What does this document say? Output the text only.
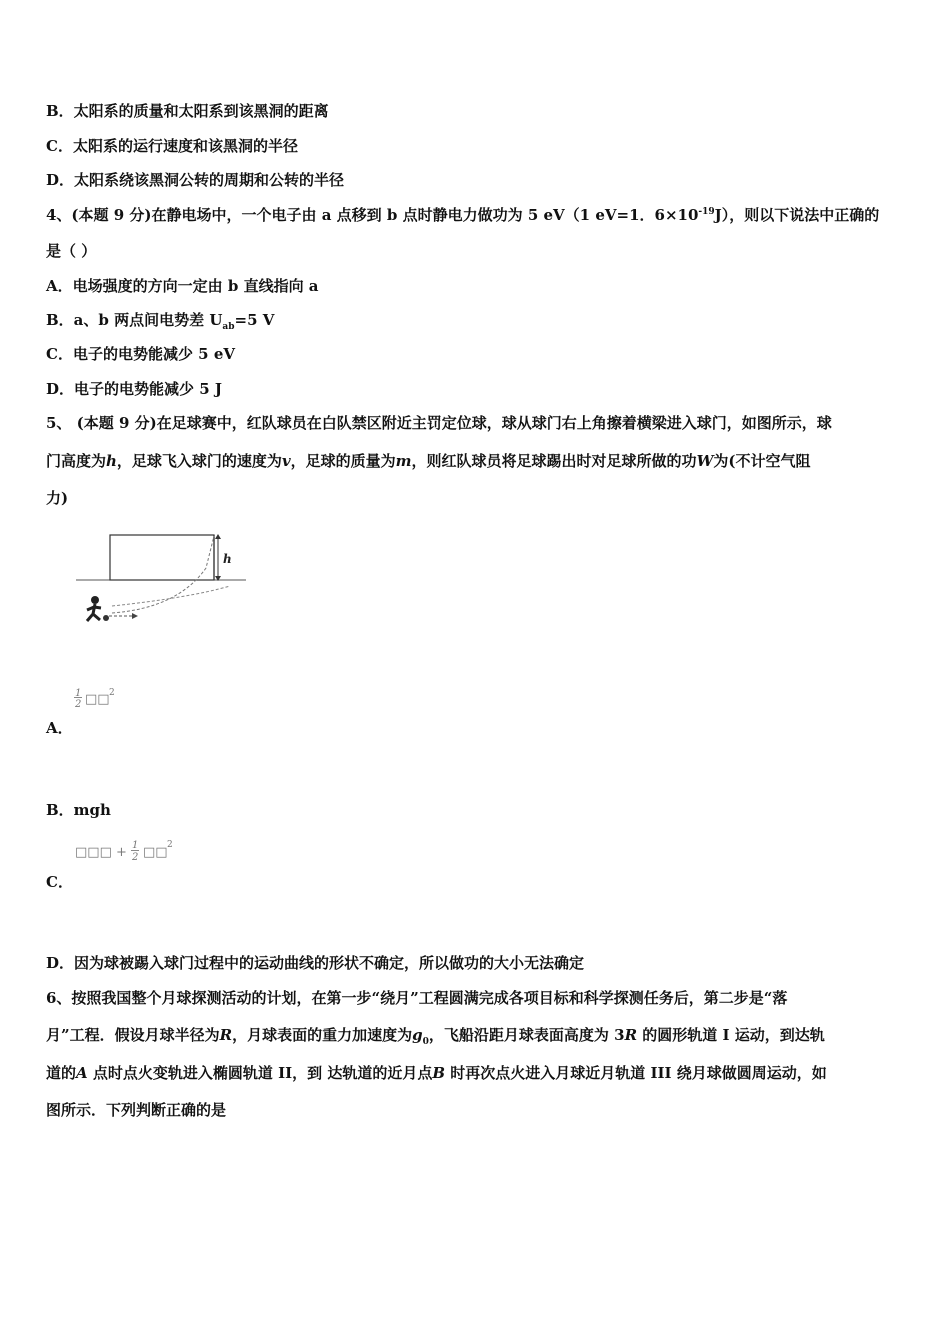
B．太阳系的质量和太阳系到该黑洞的距离
C．太阳系的运行速度和该黑洞的半径
D．太阳系绕该黑洞公转的周期和公转的半径
4、(本题 9 分)在静电场中，一个电子由 a 点移到 b 点时静电力做功为 5 eV（1 eV=1．$6\times 10^{-19}J$），则以下说法中正确的
是（ ）
A．电场强度的方向一定由 b 直线指向 a
B．a、b 两点间电势差 $U_{ab}=5$ V
C．电子的电势能减少 5 eV
D．电子的电势能减少 5 J
5、 (本题 9 分)在足球赛中，红队球员在白队禁区附近主罚定位球，球从球门右上角擦着横梁进入球门，如图所示，球
门高度为h，足球飞入球门的速度为v，足球的质量为m，则红队球员将足球踢出时对足球所做的功W为(不计空气阻
力)
h
1
2 □□ 2
A．
B．mgh
□□□ + 1
2 □□ 2
C．
D．因为球被踢入球门过程中的运动曲线的形状不确定，所以做功的大小无法确定
6、按照我国整个月球探测活动的计划，在第一步“绕月”工程圆满完成各项目标和科学探测任务后，第二步是“落
月”工程．假设月球半径为R，月球表面的重力加速度为$g_0$，飞船沿距月球表面高度为 3R 的圆形轨道 I 运动，到达轨
道的A 点时点火变轨进入椭圆轨道 II，到 达轨道的近月点B 时再次点火进入月球近月轨道 III 绕月球做圆周运动，如
图所示．下列判断正确的是
